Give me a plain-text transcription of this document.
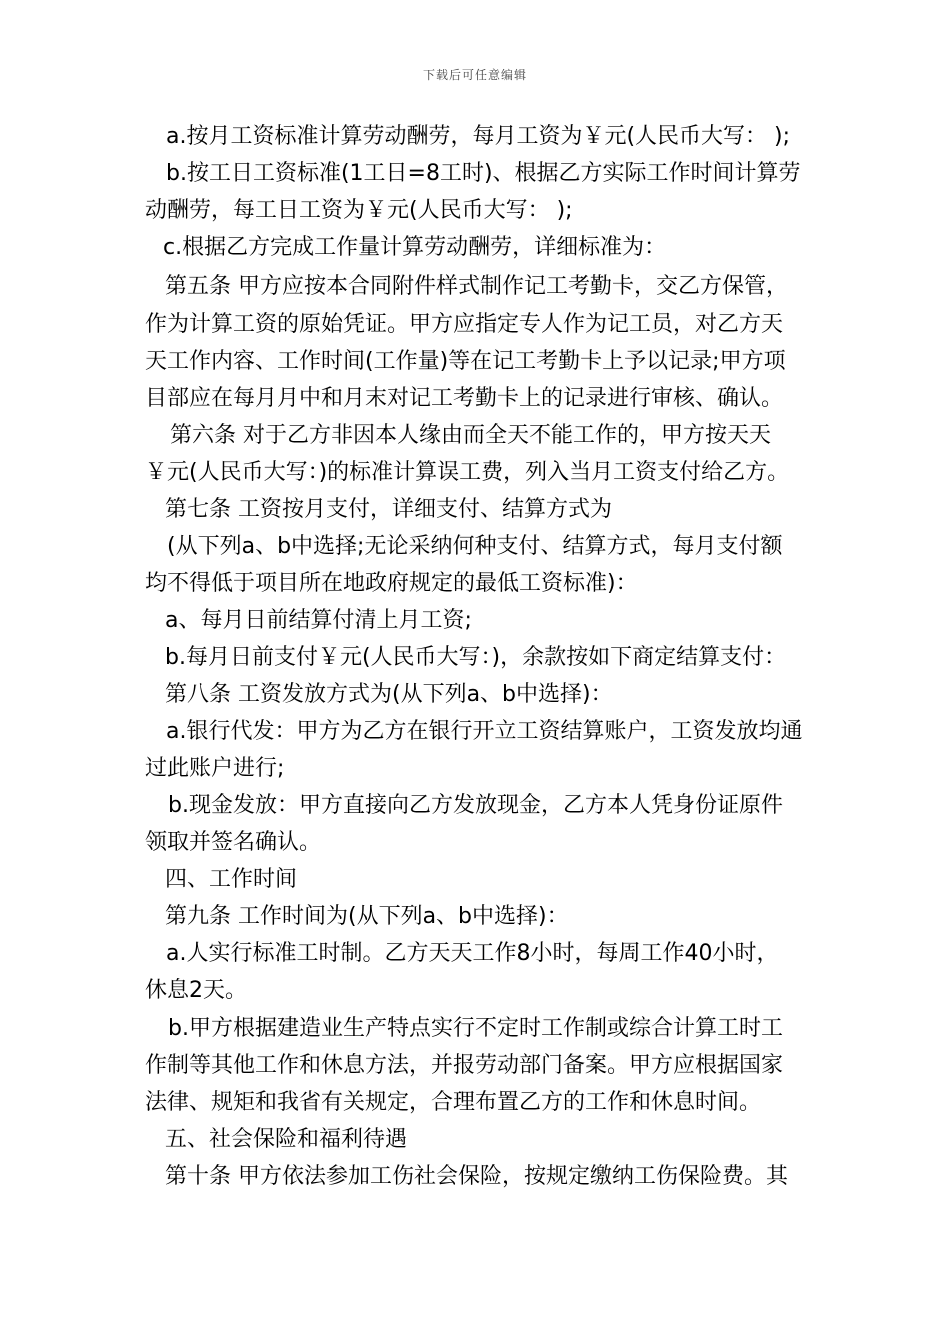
下载后可任意编辑
a.按月工资标准计算劳动酬劳，每月工资为￥元(人民币大写： );
b.按工日工资标准(1工日=8工时)、根据乙方实际工作时间计算劳
动酬劳，每工日工资为￥元(人民币大写： );
c.根据乙方完成工作量计算劳动酬劳，详细标准为：
第五条 甲方应按本合同附件样式制作记工考勤卡，交乙方保管，
作为计算工资的原始凭证。甲方应指定专人作为记工员，对乙方天
天工作内容、工作时间(工作量)等在记工考勤卡上予以记录;甲方项
目部应在每月月中和月末对记工考勤卡上的记录进行审核、确认。
第六条 对于乙方非因本人缘由而全天不能工作的，甲方按天天
￥元(人民币大写：)的标准计算误工费，列入当月工资支付给乙方。
第七条 工资按月支付，详细支付、结算方式为
(从下列a、b中选择;无论采纳何种支付、结算方式，每月支付额
均不得低于项目所在地政府规定的最低工资标准)：
a、每月日前结算付清上月工资;
b.每月日前支付￥元(人民币大写：)，余款按如下商定结算支付：
第八条 工资发放方式为(从下列a、b中选择)：
a.银行代发：甲方为乙方在银行开立工资结算账户，工资发放均通
过此账户进行;
b.现金发放：甲方直接向乙方发放现金，乙方本人凭身份证原件
领取并签名确认。
四、工作时间
第九条 工作时间为(从下列a、b中选择)：
a.人实行标准工时制。乙方天天工作8小时，每周工作40小时，
休息2天。
b.甲方根据建造业生产特点实行不定时工作制或综合计算工时工
作制等其他工作和休息方法，并报劳动部门备案。甲方应根据国家
法律、规矩和我省有关规定，合理布置乙方的工作和休息时间。
五、社会保险和福利待遇
第十条 甲方依法参加工伤社会保险，按规定缴纳工伤保险费。其
